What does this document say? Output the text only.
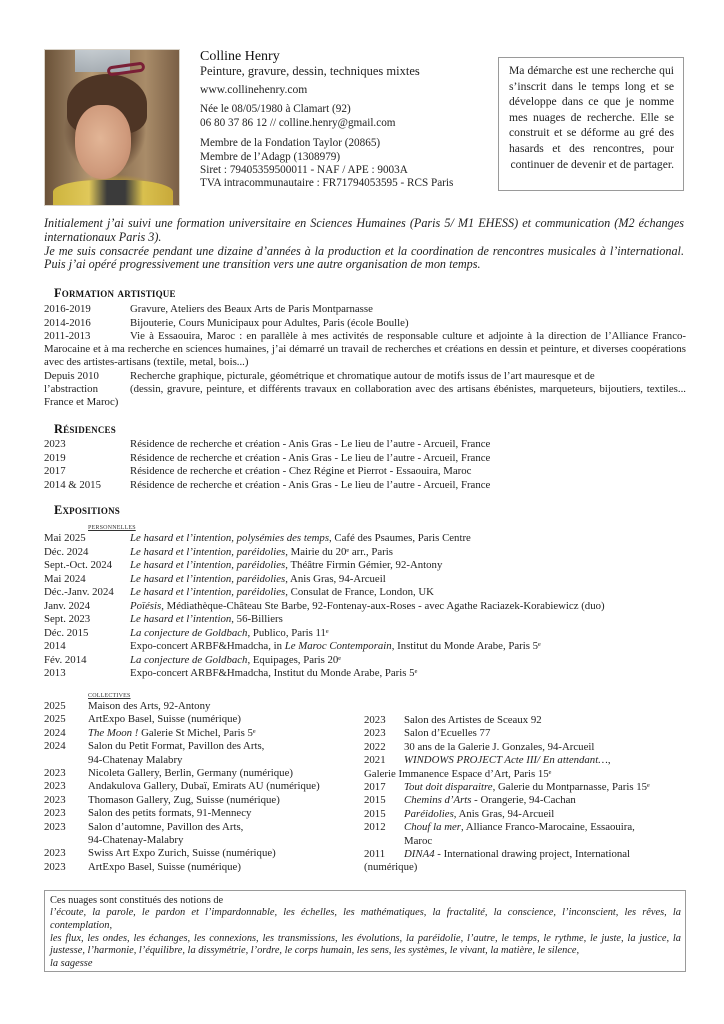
Colline Henry
Peinture, gravure, dessin, techniques mixtes
www.collinehenry.com
Née le 08/05/1980 à Clamart (92)
06 80 37 86 12 // colline.henry@gmail.com
Membre de la Fondation Taylor (20865)
Membre de l’Adagp (1308979)
Siret : 79405359500011 - NAF / APE : 9003A
TVA intracommunautaire : FR71794053595 - RCS Paris
Ma démarche est une recherche qui s’inscrit dans le temps long et se développe dans ce que je nomme mes nuages de recherche. Elle se construit et se déforme au gré des hasards et des rencontres, pour continuer de devenir et de partager.

Initialement j’ai suivi une formation universitaire en Sciences Humaines (Paris 5/ M1 EHESS) et communication (M2 échanges internationaux Paris 3).

Je me suis consacrée pendant une dizaine d’années à la production et la coordination de rencontres musicales à l’international. Puis j’ai opéré progressivement une transition vers une autre organisation de mon temps.

Formation artistique
2016-2019	Gravure, Ateliers des Beaux Arts de Paris Montparnasse
2014-2016	Bijouterie, Cours Municipaux pour Adultes, Paris (école Boulle)
2011-2013	Vie à Essaouira, Maroc : en parallèle à mes activités de responsable culture et adjointe à la direction de l’Alliance Franco-Marocaine et à ma recherche en sciences humaines, j’ai démarré un travail de recherches et créations en dessin et peinture, et diverses coopérations avec des artistes-artisans (textile, metal, bois...)
Depuis 2010	Recherche graphique, picturale, géométrique et chromatique autour de motifs issus de l’art mauresque et de
l’abstraction	(dessin, gravure, peinture, et différents travaux en collaboration avec des artisans ébénistes, marqueteurs, bijoutiers, textiles... France et Maroc)
Résidences
2023	Résidence de recherche et création - Anis Gras - Le lieu de l’autre - Arcueil, France
2019	Résidence de recherche et création - Anis Gras - Le lieu de l’autre - Arcueil, France
2017	Résidence de recherche et création - Chez Régine et Pierrot - Essaouira, Maroc
2014 & 2015	Résidence de recherche et création - Anis Gras - Le lieu de l’autre - Arcueil, France
Expositions
personnelles
Mai 2025	Le hasard et l’intention, polysémies des temps, Café des Psaumes, Paris Centre
Déc. 2024	Le hasard et l’intention, paréidolies, Mairie du 20ᵉ arr., Paris
Sept.-Oct. 2024	Le hasard et l’intention, paréidolies, Théâtre Firmin Gémier, 92-Antony
Mai 2024	Le hasard et l’intention, paréidolies, Anis Gras, 94-Arcueil
Déc.-Janv. 2024	Le hasard et l’intention, paréidolies, Consulat de France, London, UK
Janv. 2024	Poïésis, Médiathèque-Château Ste Barbe, 92-Fontenay-aux-Roses - avec Agathe Raciazek-Korabiewicz (duo)
Sept. 2023	Le hasard et l’intention, 56-Billiers
Déc. 2015	La conjecture de Goldbach, Publico, Paris 11ᵉ
2014	Expo-concert ARBF&Hmadcha, in Le Maroc Contemporain, Institut du Monde Arabe, Paris 5ᵉ
Fév. 2014	La conjecture de Goldbach, Equipages, Paris 20ᵉ
2013	Expo-concert ARBF&Hmadcha, Institut du Monde Arabe, Paris 5ᵉ
collectives
2025	Maison des Arts, 92-Antony
2025	ArtExpo Basel, Suisse (numérique)
2024	The Moon ! Galerie St Michel, Paris 5ᵉ
2024	Salon du Petit Format, Pavillon des Arts,
94-Chatenay Malabry
2023	Nicoleta Gallery, Berlin, Germany (numérique)
2023	Andakulova Gallery, Dubaï, Emirats AU (numérique)
2023	Thomason Gallery, Zug, Suisse (numérique)
2023	Salon des petits formats, 91-Mennecy
2023	Salon d’automne, Pavillon des Arts,
94-Chatenay-Malabry
2023	Swiss Art Expo Zurich, Suisse (numérique)
2023	ArtExpo Basel, Suisse (numérique)
2023	Salon des Artistes de Sceaux 92
2023	Salon d’Ecuelles 77
2022	30 ans de la Galerie J. Gonzales, 94-Arcueil
2021 WINDOWS PROJECT Acte III/ En attendant…,
Galerie Immanence Espace d’Art, Paris 15ᵉ
2017	Tout doit disparaitre, Galerie du Montparnasse, Paris 15ᵉ
2015	Chemins d’Arts - Orangerie, 94-Cachan
2015	Paréidolies, Anis Gras, 94-Arcueil
2012	Chouf la mer, Alliance Franco-Marocaine, Essaouira,
Maroc
2011 DINA4 - International drawing project, International
(numérique)
Ces nuages sont constitués des notions de

l’écoute, la parole, le pardon et l’impardonnable, les échelles, les mathématiques, la fractalité, la conscience, l’inconscient, les rêves, la contemplation,

les flux, les ondes, les échanges, les connexions, les transmissions, les évolutions, la paréidolie, l’autre, le temps, le rythme, le juste, la justice, la justesse, l’harmonie, l’équilibre, la dissymétrie, l’ordre, le corps humain, les sens, les systèmes, le vivant, la matière, le silence,

la sagesse
